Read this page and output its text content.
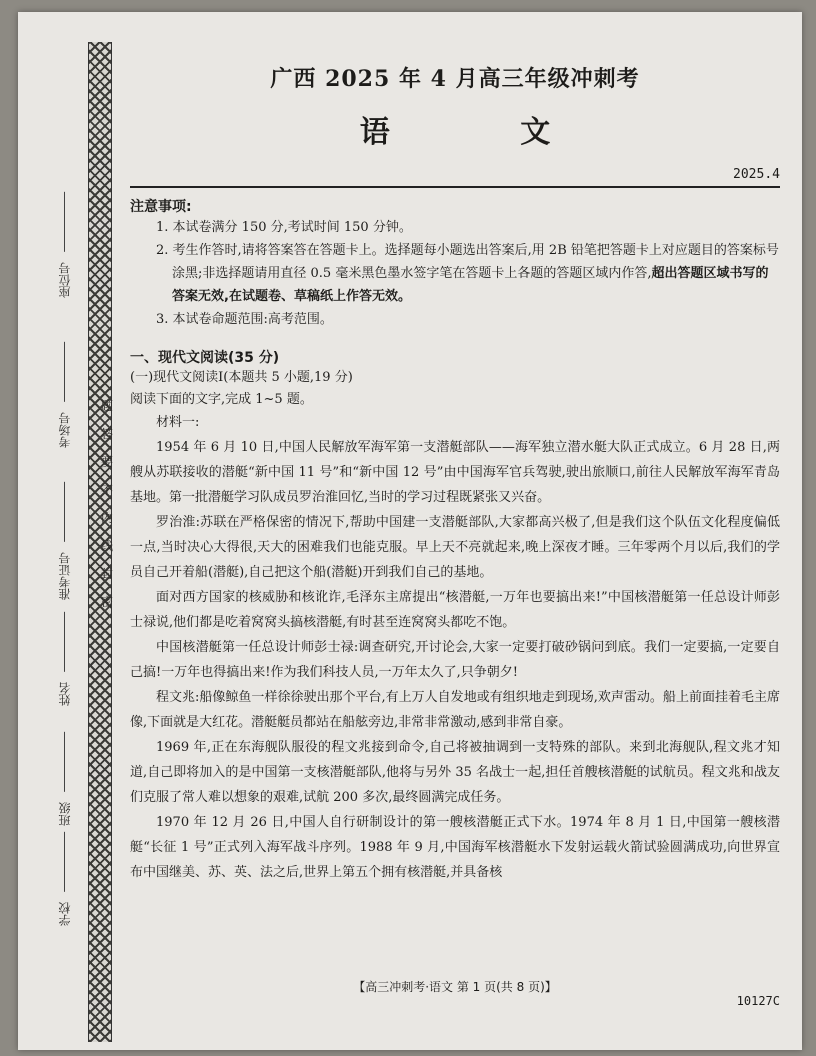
座位号
考场号
准考证号
姓名
班级
学校
题
答
要
不
内
线
封
密
广西 2025 年 4 月高三年级冲刺考
语 文
2025.4
注意事项:
1. 本试卷满分 150 分,考试时间 150 分钟。
2. 考生作答时,请将答案答在答题卡上。选择题每小题选出答案后,用 2B 铅笔把答题卡上对应题目的答案标号涂黑;非选择题请用直径 0.5 毫米黑色墨水签字笔在答题卡上各题的答题区域内作答,超出答题区域书写的答案无效,在试题卷、草稿纸上作答无效。
3. 本试卷命题范围:高考范围。
一、现代文阅读(35 分)
(一)现代文阅读Ⅰ(本题共 5 小题,19 分)
阅读下面的文字,完成 1~5 题。
材料一:

1954 年 6 月 10 日,中国人民解放军海军第一支潜艇部队——海军独立潜水艇大队正式成立。6 月 28 日,两艘从苏联接收的潜艇“新中国 11 号”和“新中国 12 号”由中国海军官兵驾驶,驶出旅顺口,前往人民解放军海军青岛基地。第一批潜艇学习队成员罗治淮回忆,当时的学习过程既紧张又兴奋。

罗治淮:苏联在严格保密的情况下,帮助中国建一支潜艇部队,大家都高兴极了,但是我们这个队伍文化程度偏低一点,当时决心大得很,天大的困难我们也能克服。早上天不亮就起来,晚上深夜才睡。三年零两个月以后,我们的学员自己开着船(潜艇),自己把这个船(潜艇)开到我们自己的基地。

面对西方国家的核威胁和核讹诈,毛泽东主席提出“核潜艇,一万年也要搞出来!”中国核潜艇第一任总设计师彭士禄说,他们都是吃着窝窝头搞核潜艇,有时甚至连窝窝头都吃不饱。

中国核潜艇第一任总设计师彭士禄:调查研究,开讨论会,大家一定要打破砂锅问到底。我们一定要搞,一定要自己搞!一万年也得搞出来!作为我们科技人员,一万年太久了,只争朝夕!

程文兆:船像鲸鱼一样徐徐驶出那个平台,有上万人自发地或有组织地走到现场,欢声雷动。船上前面挂着毛主席像,下面就是大红花。潜艇艇员都站在船舷旁边,非常非常激动,感到非常自豪。

1969 年,正在东海舰队服役的程文兆接到命令,自己将被抽调到一支特殊的部队。来到北海舰队,程文兆才知道,自己即将加入的是中国第一支核潜艇部队,他将与另外 35 名战士一起,担任首艘核潜艇的试航员。程文兆和战友们克服了常人难以想象的艰难,试航 200 多次,最终圆满完成任务。

1970 年 12 月 26 日,中国人自行研制设计的第一艘核潜艇正式下水。1974 年 8 月 1 日,中国第一艘核潜艇“长征 1 号”正式列入海军战斗序列。1988 年 9 月,中国海军核潜艇水下发射运载火箭试验圆满成功,向世界宣布中国继美、苏、英、法之后,世界上第五个拥有核潜艇,并具备核

【高三冲刺考·语文 第 1 页(共 8 页)】
10127C
